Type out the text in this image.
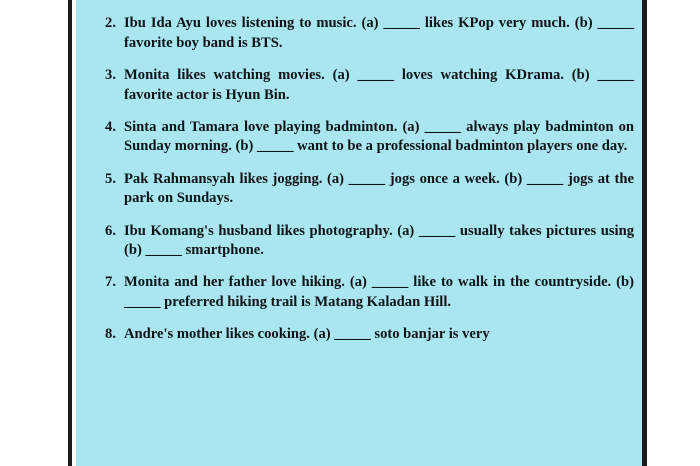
2. Ibu Ida Ayu loves listening to music. (a) _____ likes KPop very much. (b) _____ favorite boy band is BTS.
3. Monita likes watching movies. (a) _____ loves watching KDrama. (b) _____ favorite actor is Hyun Bin.
4. Sinta and Tamara love playing badminton. (a) _____ always play badminton on Sunday morning. (b) _____ want to be a professional badminton players one day.
5. Pak Rahmansyah likes jogging. (a) _____ jogs once a week. (b) _____ jogs at the park on Sundays.
6. Ibu Komang's husband likes photography. (a) _____ usually takes pictures using (b) _____ smartphone.
7. Monita and her father love hiking. (a) _____ like to walk in the countryside. (b) _____ preferred hiking trail is Matang Kaladan Hill.
8. Andre's mother likes cooking. (a) _____ soto banjar is very
